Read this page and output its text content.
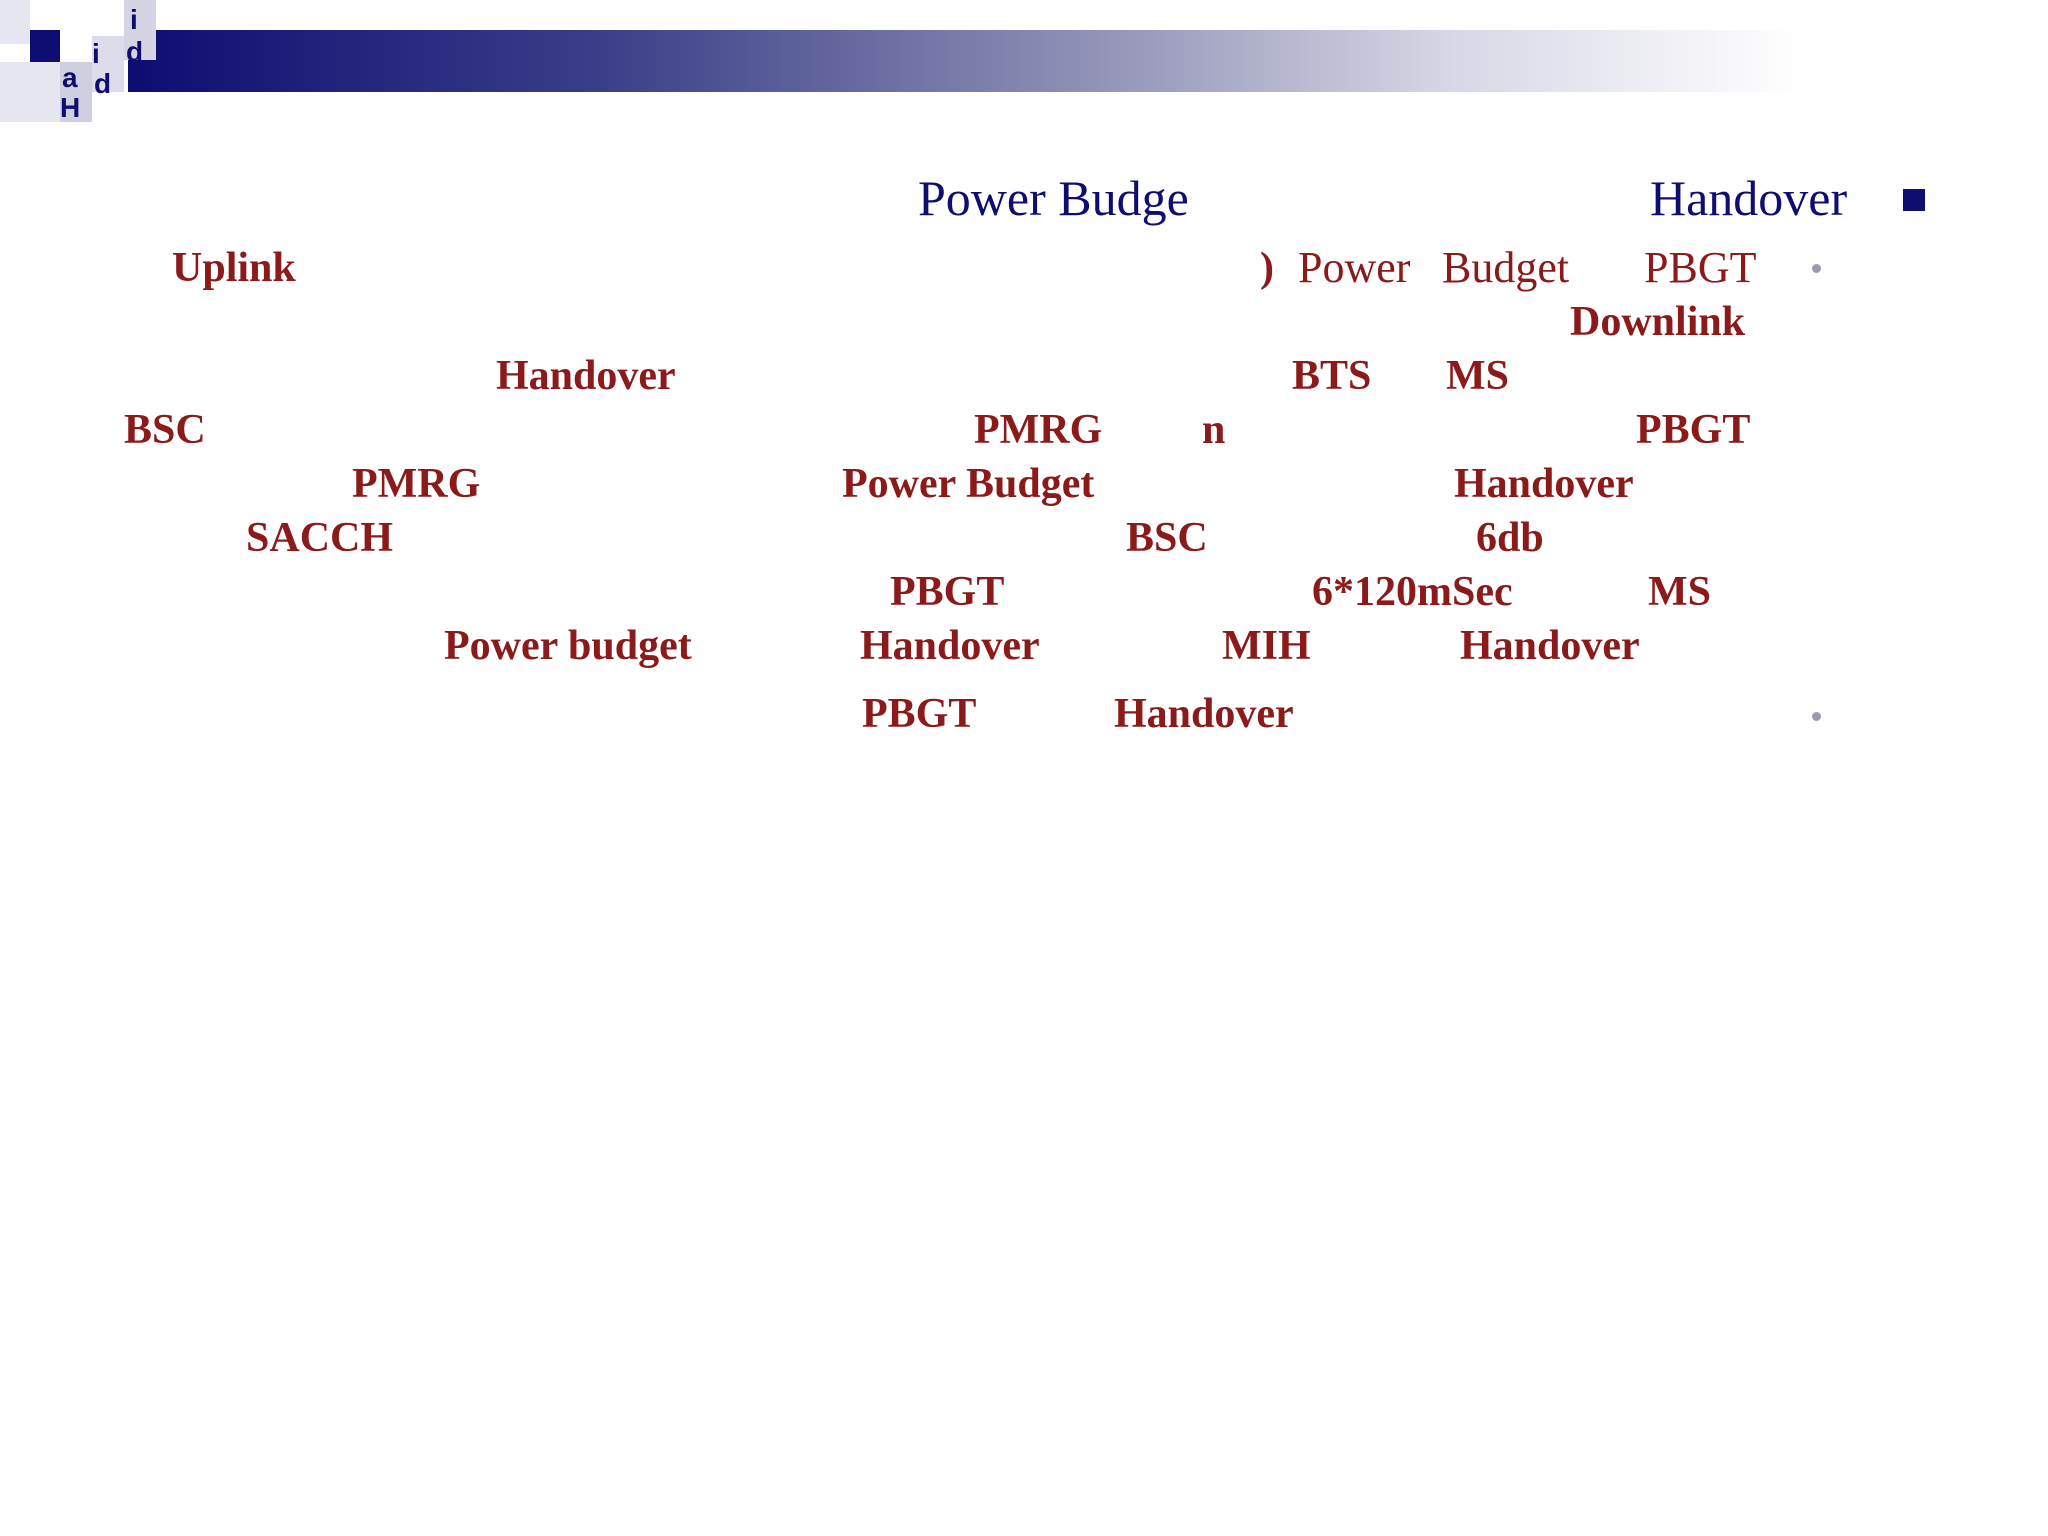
i
i d
a d
H
Power Budge	Handover
) Power Budget PBGT
Uplink
Downlink
Handover	BTS MS
BSC	PMRG n	PBGT
PMRG	Power Budget	Handover
SACCH	BSC	6db
PBGT	6*120mSec	MS
Power budget	Handover	MIH	Handover
PBGT	Handover
